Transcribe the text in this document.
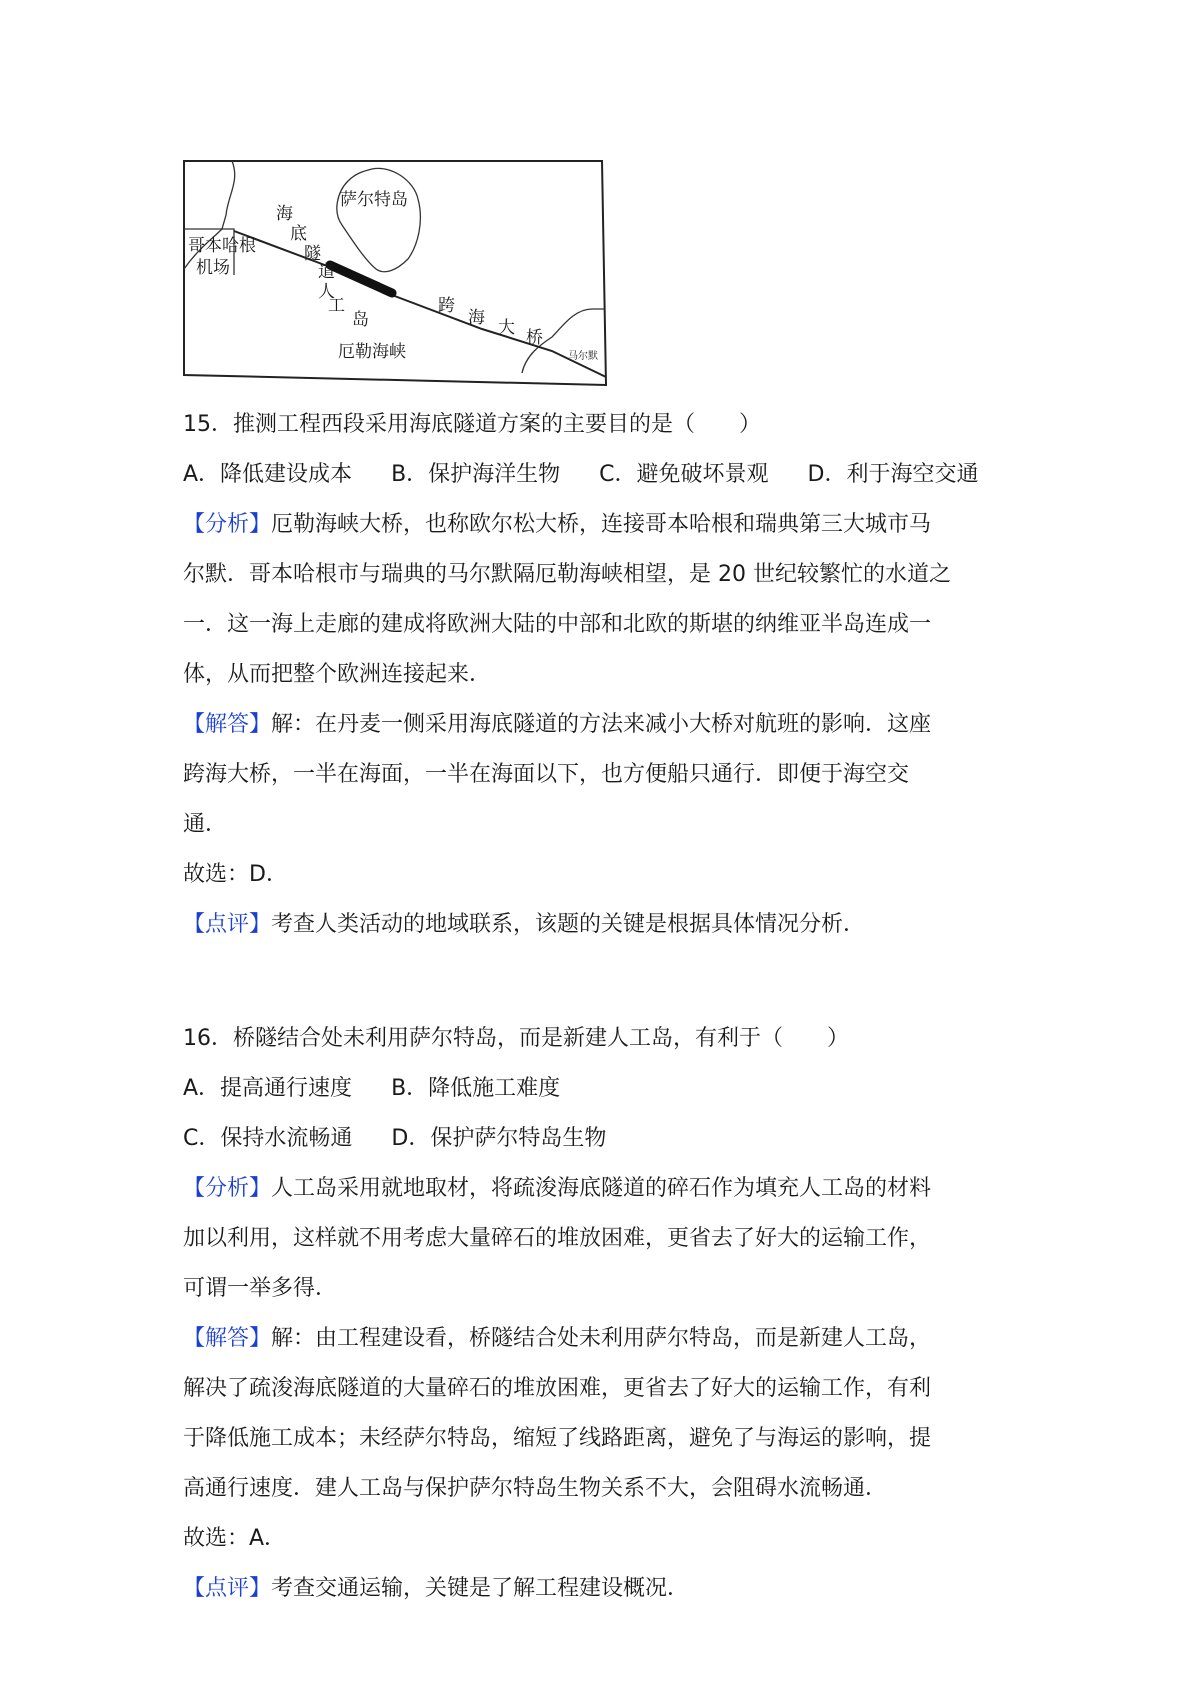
萨尔特岛
海
底
隧
道
哥本哈根
机场
人
工
岛
跨
海 大 桥
厄勒海峡	马尔默

15．推测工程西段采用海底隧道方案的主要目的是（　　）

A．降低建设成本 B．保护海洋生物 C．避免破坏景观 D．利于海空交通

【分析】厄勒海峡大桥，也称欧尔松大桥，连接哥本哈根和瑞典第三大城市马

尔默．哥本哈根市与瑞典的马尔默隔厄勒海峡相望，是 20 世纪较繁忙的水道之

一．这一海上走廊的建成将欧洲大陆的中部和北欧的斯堪的纳维亚半岛连成一

体，从而把整个欧洲连接起来．

【解答】解：在丹麦一侧采用海底隧道的方法来减小大桥对航班的影响．这座

跨海大桥，一半在海面，一半在海面以下，也方便船只通行．即便于海空交

通．

故选：D．

【点评】考查人类活动的地域联系，该题的关键是根据具体情况分析．

16．桥隧结合处未利用萨尔特岛，而是新建人工岛，有利于（　　）

A．提高通行速度 B．降低施工难度

C．保持水流畅通 D．保护萨尔特岛生物

【分析】人工岛采用就地取材，将疏浚海底隧道的碎石作为填充人工岛的材料

加以利用，这样就不用考虑大量碎石的堆放困难，更省去了好大的运输工作，

可谓一举多得．

【解答】解：由工程建设看，桥隧结合处未利用萨尔特岛，而是新建人工岛，

解决了疏浚海底隧道的大量碎石的堆放困难，更省去了好大的运输工作，有利

于降低施工成本；未经萨尔特岛，缩短了线路距离，避免了与海运的影响，提

高通行速度．建人工岛与保护萨尔特岛生物关系不大，会阻碍水流畅通．

故选：A．

【点评】考查交通运输，关键是了解工程建设概况．
